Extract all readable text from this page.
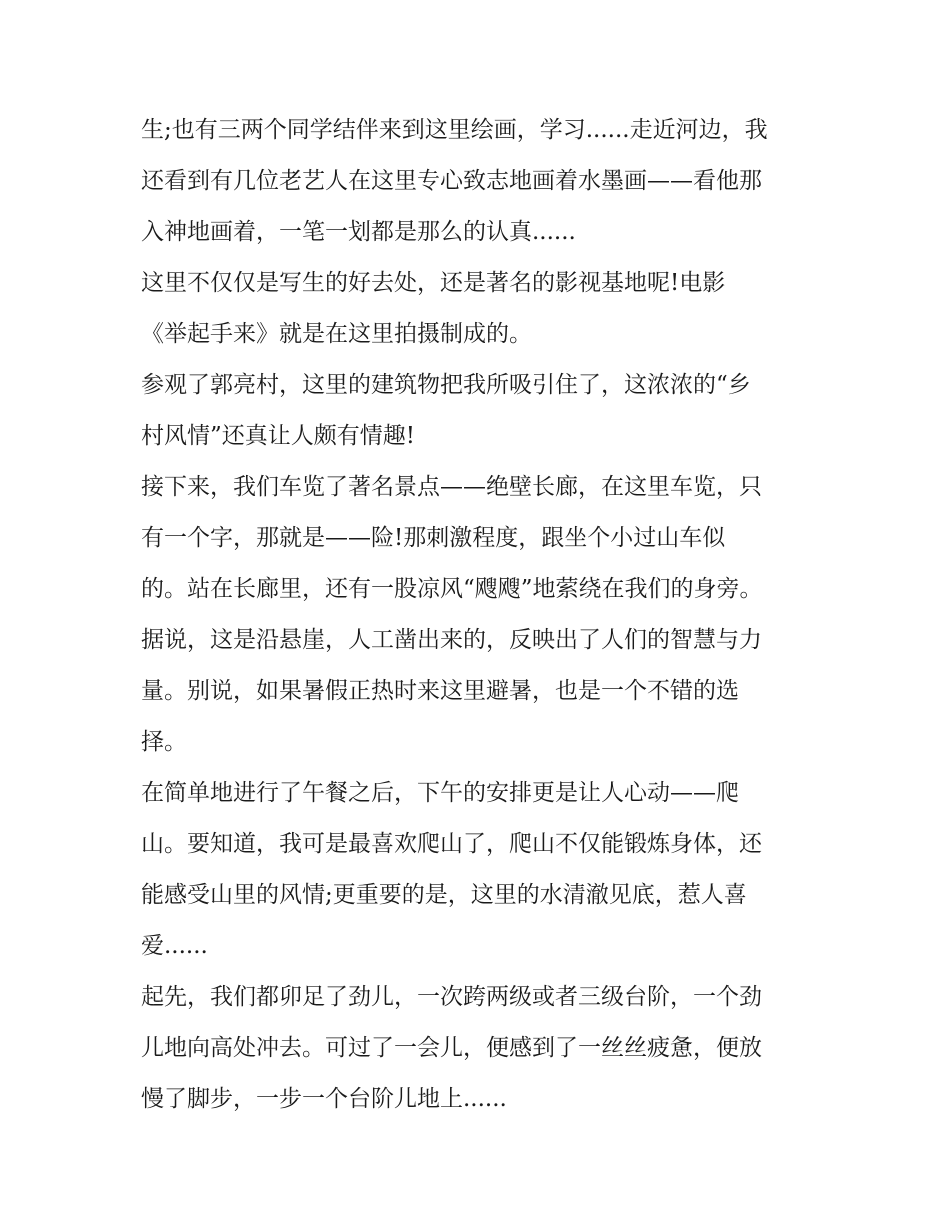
生;也有三两个同学结伴来到这里绘画，学习......走近河边，我
还看到有几位老艺人在这里专心致志地画着水墨画——看他那
入神地画着，一笔一划都是那么的认真......
这里不仅仅是写生的好去处，还是著名的影视基地呢!电影
《举起手来》就是在这里拍摄制成的。
参观了郭亮村，这里的建筑物把我所吸引住了，这浓浓的“乡
村风情”还真让人颇有情趣!
接下来，我们车览了著名景点——绝壁长廊，在这里车览，只
有一个字，那就是——险!那刺激程度，跟坐个小过山车似
的。站在长廊里，还有一股凉风“飕飕”地萦绕在我们的身旁。
据说，这是沿悬崖，人工凿出来的，反映出了人们的智慧与力
量。别说，如果暑假正热时来这里避暑，也是一个不错的选
择。
在简单地进行了午餐之后，下午的安排更是让人心动——爬
山。要知道，我可是最喜欢爬山了，爬山不仅能锻炼身体，还
能感受山里的风情;更重要的是，这里的水清澈见底，惹人喜
爱......
起先，我们都卯足了劲儿，一次跨两级或者三级台阶，一个劲
儿地向高处冲去。可过了一会儿，便感到了一丝丝疲惫，便放
慢了脚步，一步一个台阶儿地上......
